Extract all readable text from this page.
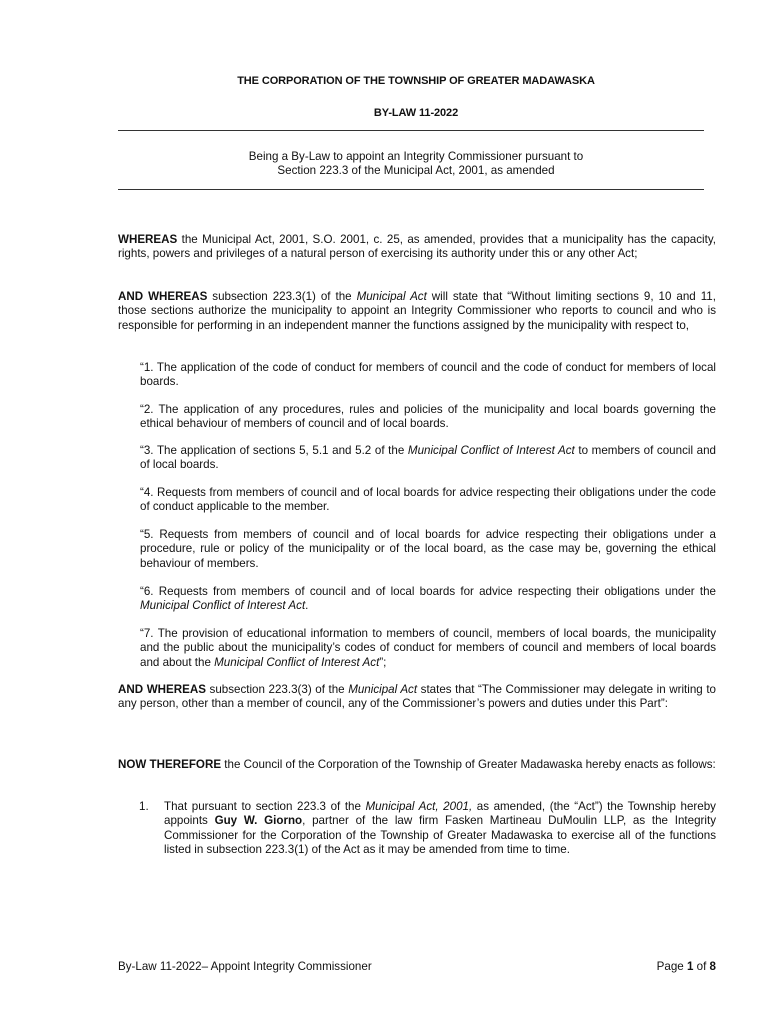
THE CORPORATION OF THE TOWNSHIP OF GREATER MADAWASKA
BY-LAW 11-2022
Being a By-Law to appoint an Integrity Commissioner pursuant to
Section 223.3 of the Municipal Act, 2001, as amended
WHEREAS the Municipal Act, 2001, S.O. 2001, c. 25, as amended, provides that a municipality has the capacity, rights, powers and privileges of a natural person of exercising its authority under this or any other Act;
AND WHEREAS subsection 223.3(1) of the Municipal Act will state that “Without limiting sections 9, 10 and 11, those sections authorize the municipality to appoint an Integrity Commissioner who reports to council and who is responsible for performing in an independent manner the functions assigned by the municipality with respect to,
“1. The application of the code of conduct for members of council and the code of conduct for members of local boards.
“2. The application of any procedures, rules and policies of the municipality and local boards governing the ethical behaviour of members of council and of local boards.
“3. The application of sections 5, 5.1 and 5.2 of the Municipal Conflict of Interest Act to members of council and of local boards.
“4. Requests from members of council and of local boards for advice respecting their obligations under the code of conduct applicable to the member.
“5. Requests from members of council and of local boards for advice respecting their obligations under a procedure, rule or policy of the municipality or of the local board, as the case may be, governing the ethical behaviour of members.
“6. Requests from members of council and of local boards for advice respecting their obligations under the Municipal Conflict of Interest Act.
“7. The provision of educational information to members of council, members of local boards, the municipality and the public about the municipality’s codes of conduct for members of council and members of local boards and about the Municipal Conflict of Interest Act”;
AND WHEREAS subsection 223.3(3) of the Municipal Act states that “The Commissioner may delegate in writing to any person, other than a member of council, any of the Commissioner’s powers and duties under this Part”:
NOW THEREFORE the Council of the Corporation of the Township of Greater Madawaska hereby enacts as follows:
1.	That pursuant to section 223.3 of the Municipal Act, 2001, as amended, (the “Act”) the Township hereby appoints Guy W. Giorno, partner of the law firm Fasken Martineau DuMoulin LLP, as the Integrity Commissioner for the Corporation of the Township of Greater Madawaska to exercise all of the functions listed in subsection 223.3(1) of the Act as it may be amended from time to time.
By-Law 11-2022– Appoint Integrity Commissioner	Page 1 of 8
